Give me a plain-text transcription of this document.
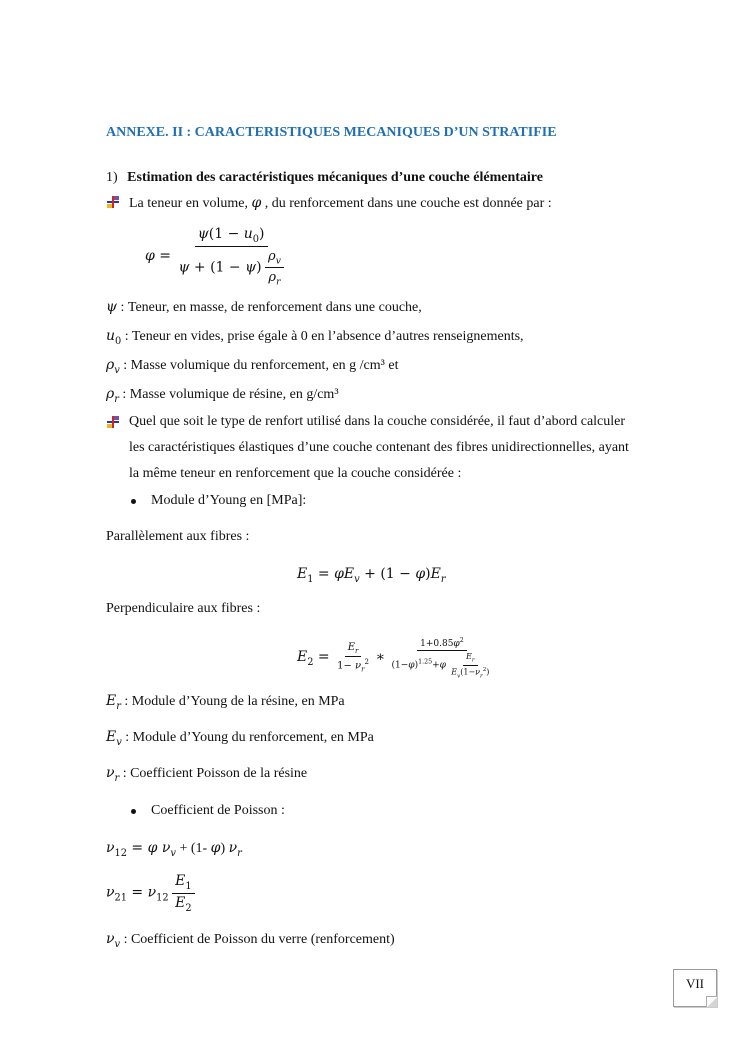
ANNEXE. II : CARACTERISTIQUES MECANIQUES D’UN STRATIFIE
1) Estimation des caractéristiques mécaniques d’une couche élémentaire
La teneur en volume, φ , du renforcement dans une couche est donnée par :
$\varphi = \frac{\psi(1 - u_0)}{\psi + (1 - \psi) \frac{\rho_v}{\rho_r}}$
ψ : Teneur, en masse, de renforcement dans une couche,
$u_0$ : Teneur en vides, prise égale à 0 en l’absence d’autres renseignements,
$\rho_v$ : Masse volumique du renforcement, en g /cm³ et
$\rho_r$ : Masse volumique de résine, en g/cm³
Quel que soit le type de renfort utilisé dans la couche considérée, il faut d’abord calculer
les caractéristiques élastiques d’une couche contenant des fibres unidirectionnelles, ayant
la même teneur en renforcement que la couche considérée :
Module d’Young en [MPa]:
Parallèlement aux fibres :
$E_1 = \varphi E_v + (1 - \varphi)E_r$
Perpendiculaire aux fibres :
$E_2 = \frac{E_r}{1- \nu_r^2}$ ∗ $\frac{1+0.85\varphi^2}{(1-\varphi)^{1.25}+\varphi \frac{E_r}{E_v(1-\nu_r^2)}}$
$E_r$ : Module d’Young de la résine, en MPa
$E_v$ : Module d’Young du renforcement, en MPa
$\nu_r$ : Coefficient Poisson de la résine
Coefficient de Poisson :
$\nu_{12} = \varphi$ $\nu_v + (1-$ φ) $\nu_r$
$\nu_{21} = \nu_{12} \frac{E_1}{E_2}$
$\nu_v$ : Coefficient de Poisson du verre (renforcement)
VII
